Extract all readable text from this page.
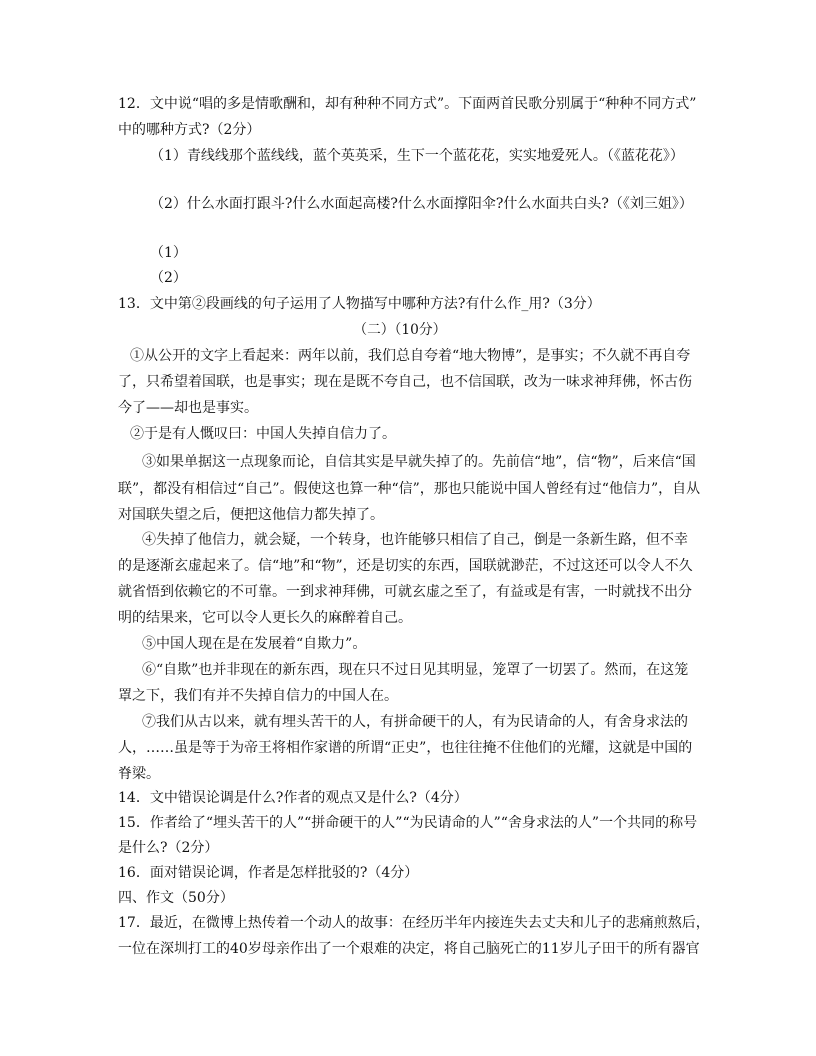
12．文中说“唱的多是情歌酬和，却有种种不同方式”。下面两首民歌分别属于“种种不同方式”
中的哪种方式?（2分）
（1）青线线那个蓝线线，蓝个英英采，生下一个蓝花花，实实地爱死人。（《蓝花花》）
（2）什么水面打跟斗?什么水面起高楼?什么水面撑阳伞?什么水面共白头?（《刘三姐》）
（1）
（2）
13．文中第②段画线的句子运用了人物描写中哪种方法?有什么作_用?（3分）
（二）（10分）
①从公开的文字上看起来：两年以前，我们总自夸着“地大物博”，是事实；不久就不再自夸
了，只希望着国联，也是事实；现在是既不夸自己，也不信国联，改为一味求神拜佛，怀古伤
今了——却也是事实。
②于是有人慨叹曰：中国人失掉自信力了。
③如果单据这一点现象而论，自信其实是早就失掉了的。先前信“地”，信“物”，后来信“国
联”，都没有相信过“自己”。假使这也算一种“信”，那也只能说中国人曾经有过“他信力”，自从
对国联失望之后，便把这他信力都失掉了。
④失掉了他信力，就会疑，一个转身，也许能够只相信了自己，倒是一条新生路，但不幸
的是逐渐玄虚起来了。信“地”和“物”，还是切实的东西，国联就渺茫，不过这还可以令人不久
就省悟到依赖它的不可靠。一到求神拜佛，可就玄虚之至了，有益或是有害，一时就找不出分
明的结果来，它可以令人更长久的麻醉着自己。
⑤中国人现在是在发展着“自欺力”。
⑥“自欺”也并非现在的新东西，现在只不过日见其明显，笼罩了一切罢了。然而，在这笼
罩之下，我们有并不失掉自信力的中国人在。
⑦我们从古以来，就有埋头苦干的人，有拼命硬干的人，有为民请命的人，有舍身求法的
人，……虽是等于为帝王将相作家谱的所谓“正史”，也往往掩不住他们的光耀，这就是中国的
脊梁。
14．文中错误论调是什么?作者的观点又是什么?（4分）
15．作者给了“埋头苦干的人”“拼命硬干的人”“为民请命的人”“舍身求法的人”一个共同的称号
是什么?（2分）
16．面对错误论调，作者是怎样批驳的?（4分）
四、作文（50分）
17．最近，在微博上热传着一个动人的故事：在经历半年内接连失去丈夫和儿子的悲痛煎熬后，
一位在深圳打工的40岁母亲作出了一个艰难的决定，将自己脑死亡的11岁儿子田干的所有器官
